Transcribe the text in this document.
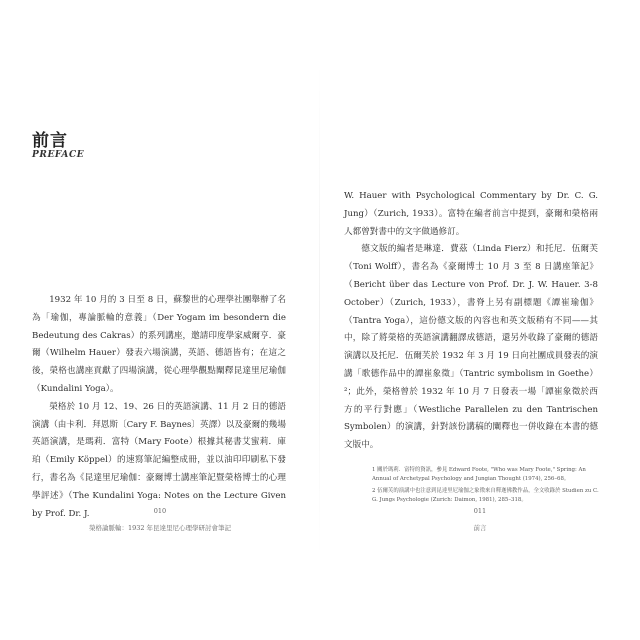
前言
PREFACE

1932 年 10 月的 3 日至 8 日，蘇黎世的心理學社團舉辦了名為「瑜伽，專論脈輪的意義」（Der Yogam im besondern die Bedeutung des Cakras）的系列講座，邀請印度學家威爾亨．豪爾（Wilhelm Hauer）發表六場演講，英語、德語皆有；在這之後，榮格也講座貢獻了四場演講，從心理學觀點闡釋昆達里尼瑜伽（Kundalini Yoga）。

榮格於 10 月 12、19、26 日的英語演講、11 月 2 日的德語演講（由卡利．拜恩斯〔Cary F. Baynes〕英譯）以及豪爾的幾場英語演講，是瑪莉．富特（Mary Foote）根據其秘書艾蜜莉．庫珀（Emily Köppel）的速寫筆記編整成冊，並以油印印刷私下發行，書名為《昆達里尼瑜伽：豪爾博士講座筆記暨榮格博士的心理學評述》（The Kundalini Yoga: Notes on the Lecture Given by Prof. Dr. J.	010

榮格論脈輪：1932 年昆達里尼心理學研討會筆記

W. Hauer with Psychological Commentary by Dr. C. G. Jung）（Zurich, 1933）。富特在編者前言中提到，豪爾和榮格兩人都曾對書中的文字做過修訂。

德文版的編者是琳達．費茲（Linda Fierz）和托尼．伍爾芙（Toni Wolff），書名為《豪爾博士 10 月 3 至 8 日講座筆記》（Bericht über das Lecture von Prof. Dr. J. W. Hauer. 3-8 October）（Zurich, 1933），書脊上另有副標題《譚崔瑜伽》（Tantra Yoga），這份德文版的內容也和英文版稍有不同——其中，除了將榮格的英語演講翻譯成德語，還另外收錄了豪爾的德語演講以及托尼．伍爾芙於 1932 年 3 月 19 日向社團成員發表的演講「歌德作品中的譚崔象徵」（Tantric symbolism in Goethe）²；此外，榮格曾於 1932 年 10 月 7 日發表一場「譚崔象徵於西方的平行對應」（Westliche Parallelen zu den Tantrischen Symbolen）的演講，針對該份講稿的闡釋也一併收錄在本書的德文版中。

1 關於瑪莉．富特的資訊，參見 Edward Foote, "Who was Mary Foote," Spring: An Annual of Archetypal Psychology and Jungian Thought (1974), 256–68。

2 伍爾芙的演講中也注意到昆達里尼瑜伽之象徵來自釋迦佛教作品，全文收錄於 Studien zu C. G. Jungs Psychologie (Zurich: Daimon, 1981), 285–318。

011

前言
